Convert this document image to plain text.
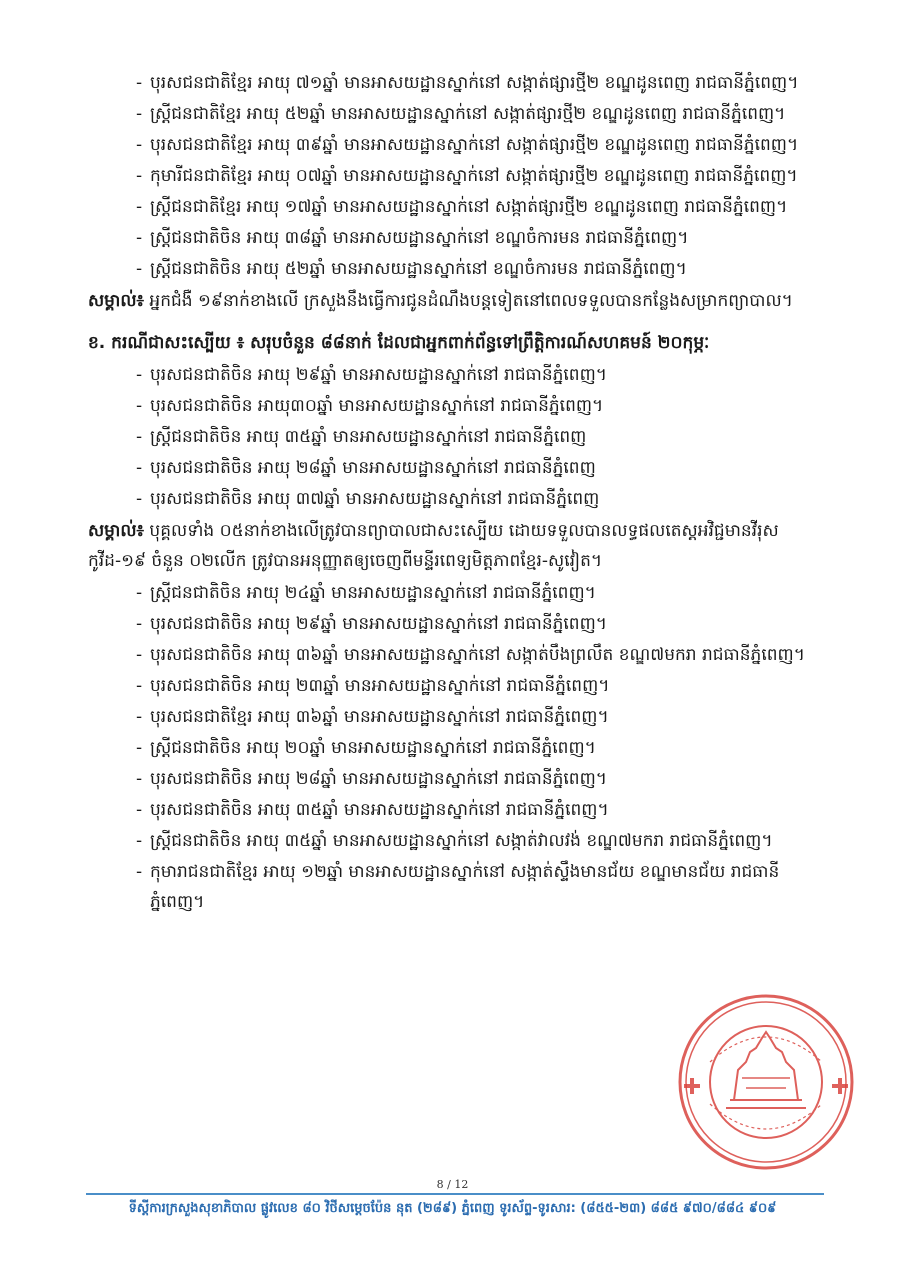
- បុរសជនជាតិខ្មែរ អាយុ ៧១ឆ្នាំ មានអាសយដ្ឋានស្នាក់នៅ សង្កាត់ផ្សារថ្មី២ ខណ្ឌដូនពេញ រាជធានីភ្នំពេញ។
- ស្ត្រីជនជាតិខ្មែរ អាយុ ៥២ឆ្នាំ មានអាសយដ្ឋានស្នាក់នៅ សង្កាត់ផ្សារថ្មី២ ខណ្ឌដូនពេញ រាជធានីភ្នំពេញ។
- បុរសជនជាតិខ្មែរ អាយុ ៣៩ឆ្នាំ មានអាសយដ្ឋានស្នាក់នៅ សង្កាត់ផ្សារថ្មី២ ខណ្ឌដូនពេញ រាជធានីភ្នំពេញ។
- កុមារីជនជាតិខ្មែរ អាយុ ០៧ឆ្នាំ មានអាសយដ្ឋានស្នាក់នៅ សង្កាត់ផ្សារថ្មី២ ខណ្ឌដូនពេញ រាជធានីភ្នំពេញ។
- ស្ត្រីជនជាតិខ្មែរ អាយុ ១៧ឆ្នាំ មានអាសយដ្ឋានស្នាក់នៅ សង្កាត់ផ្សារថ្មី២ ខណ្ឌដូនពេញ រាជធានីភ្នំពេញ។
- ស្ត្រីជនជាតិចិន អាយុ ៣៨ឆ្នាំ មានអាសយដ្ឋានស្នាក់នៅ ខណ្ឌចំការមន រាជធានីភ្នំពេញ។
- ស្ត្រីជនជាតិចិន អាយុ ៥២ឆ្នាំ មានអាសយដ្ឋានស្នាក់នៅ ខណ្ឌចំការមន រាជធានីភ្នំពេញ។
សម្គាល់៖ អ្នកជំងឺ ១៩នាក់ខាងលើ ក្រសួងនឹងធ្វើការជូនដំណឹងបន្តទៀតនៅពេលទទួលបានកន្លែងសម្រាកព្យាបាល។
ខ. ករណីជាសះស្បើយ ៖ សរុបចំនួន ៨៨នាក់ ដែលជាអ្នកពាក់ព័ន្ធទៅព្រឹត្តិការណ៍សហគមន៍ ២០កុម្ភៈ
- បុរសជនជាតិចិន អាយុ ២៩ឆ្នាំ មានអាសយដ្ឋានស្នាក់នៅ រាជធានីភ្នំពេញ។
- បុរសជនជាតិចិន អាយុ៣០ឆ្នាំ មានអាសយដ្ឋានស្នាក់នៅ រាជធានីភ្នំពេញ។
- ស្ត្រីជនជាតិចិន អាយុ ៣៥ឆ្នាំ មានអាសយដ្ឋានស្នាក់នៅ រាជធានីភ្នំពេញ
- បុរសជនជាតិចិន អាយុ ២៨ឆ្នាំ មានអាសយដ្ឋានស្នាក់នៅ រាជធានីភ្នំពេញ
- បុរសជនជាតិចិន អាយុ ៣៧ឆ្នាំ មានអាសយដ្ឋានស្នាក់នៅ រាជធានីភ្នំពេញ
សម្គាល់៖ បុគ្គលទាំង ០៥នាក់ខាងលើត្រូវបានព្យាបាលជាសះស្បើយ ដោយទទួលបានលទ្ធផលតេស្តអវិជ្ជមានវីរុស កូវីដ-១៩ ចំនួន ០២លើក ត្រូវបានអនុញ្ញាតឲ្យចេញពីមន្ទីរពេទ្យមិត្តភាពខ្មែរ-សូវៀត។
- ស្ត្រីជនជាតិចិន អាយុ ២៤ឆ្នាំ មានអាសយដ្ឋានស្នាក់នៅ រាជធានីភ្នំពេញ។
- បុរសជនជាតិចិន អាយុ ២៩ឆ្នាំ មានអាសយដ្ឋានស្នាក់នៅ រាជធានីភ្នំពេញ។
- បុរសជនជាតិចិន អាយុ ៣៦ឆ្នាំ មានអាសយដ្ឋានស្នាក់នៅ សង្កាត់បឹងព្រលឹត ខណ្ឌ៧មករា រាជធានីភ្នំពេញ។
- បុរសជនជាតិចិន អាយុ ២៣ឆ្នាំ មានអាសយដ្ឋានស្នាក់នៅ រាជធានីភ្នំពេញ។
- បុរសជនជាតិខ្មែរ អាយុ ៣៦ឆ្នាំ មានអាសយដ្ឋានស្នាក់នៅ រាជធានីភ្នំពេញ។
- ស្ត្រីជនជាតិចិន អាយុ ២០ឆ្នាំ មានអាសយដ្ឋានស្នាក់នៅ រាជធានីភ្នំពេញ។
- បុរសជនជាតិចិន អាយុ ២៨ឆ្នាំ មានអាសយដ្ឋានស្នាក់នៅ រាជធានីភ្នំពេញ។
- បុរសជនជាតិចិន អាយុ ៣៥ឆ្នាំ មានអាសយដ្ឋានស្នាក់នៅ រាជធានីភ្នំពេញ។
- ស្ត្រីជនជាតិចិន អាយុ ៣៥ឆ្នាំ មានអាសយដ្ឋានស្នាក់នៅ សង្កាត់វាលវង់ ខណ្ឌ៧មករា រាជធានីភ្នំពេញ។
- កុមារាជនជាតិខ្មែរ អាយុ ១២ឆ្នាំ មានអាសយដ្ឋានស្នាក់នៅ សង្កាត់ស្ទឹងមានជ័យ ខណ្ឌមានជ័យ រាជធានីភ្នំពេញ។
8 / 12
ទីស្តីការក្រសួងសុខាភិបាល ផ្លូវលេខ ៨០ វិថីសម្ដេចប៉ែន នុត (២៨៩) ភ្នំពេញ ទូរស័ព្ទ-ទូរសារ: (៨៥៥-២៣) ៨៨៥ ៩៧០/៨៨៤ ៩០៩
